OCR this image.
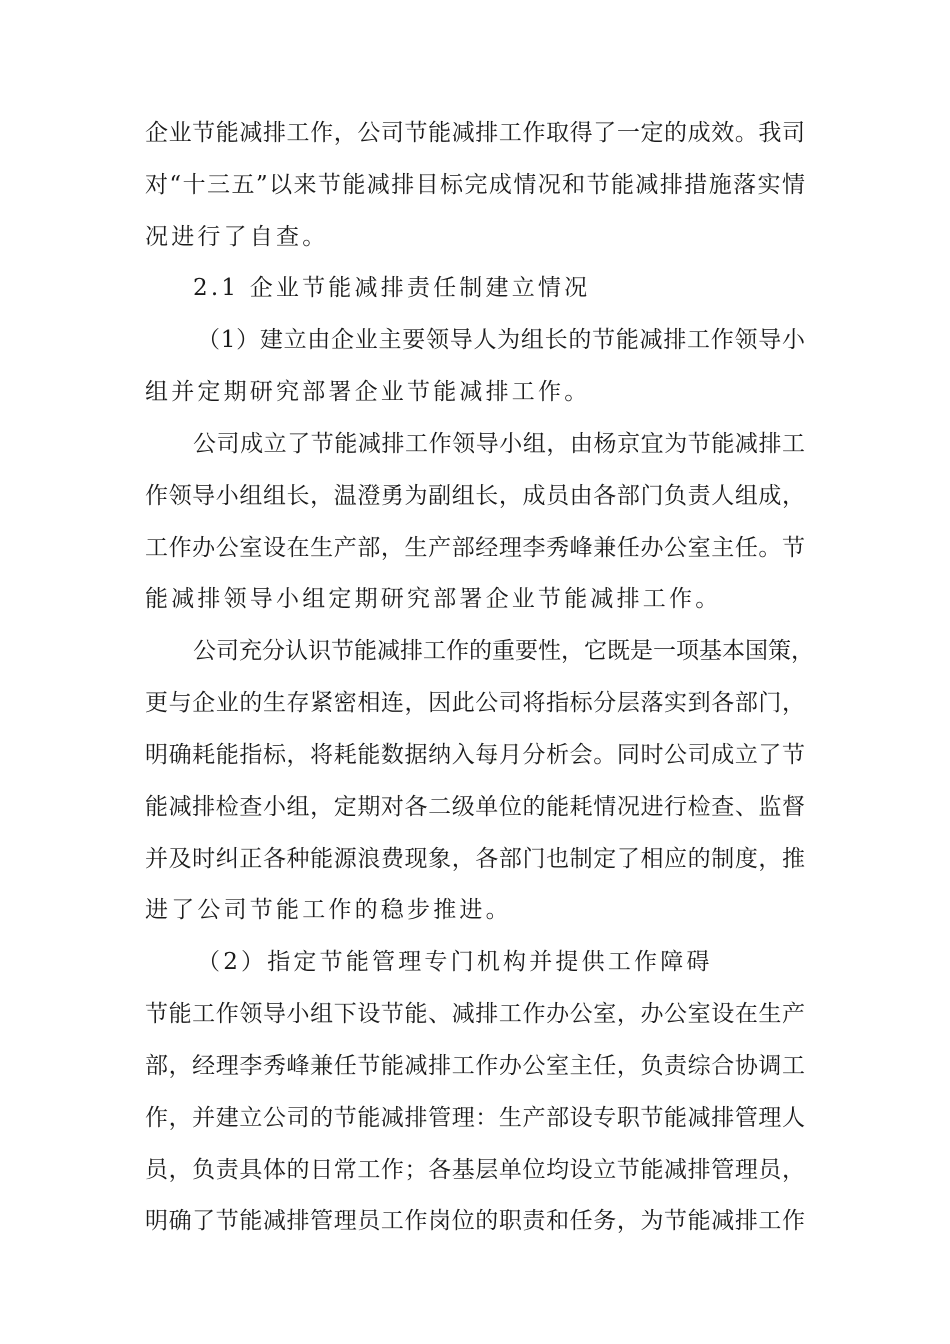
企业节能减排工作，公司节能减排工作取得了一定的成效。我司
对“十三五”以来节能减排目标完成情况和节能减排措施落实情
况进行了自查。
2.1 企业节能减排责任制建立情况
（1）建立由企业主要领导人为组长的节能减排工作领导小
组并定期研究部署企业节能减排工作。
公司成立了节能减排工作领导小组，由杨京宜为节能减排工
作领导小组组长，温澄勇为副组长，成员由各部门负责人组成，
工作办公室设在生产部，生产部经理李秀峰兼任办公室主任。节
能减排领导小组定期研究部署企业节能减排工作。
公司充分认识节能减排工作的重要性，它既是一项基本国策，
更与企业的生存紧密相连，因此公司将指标分层落实到各部门，
明确耗能指标，将耗能数据纳入每月分析会。同时公司成立了节
能减排检查小组，定期对各二级单位的能耗情况进行检查、监督
并及时纠正各种能源浪费现象，各部门也制定了相应的制度，推
进了公司节能工作的稳步推进。
（2）指定节能管理专门机构并提供工作障碍
节能工作领导小组下设节能、减排工作办公室，办公室设在生产
部，经理李秀峰兼任节能减排工作办公室主任，负责综合协调工
作，并建立公司的节能减排管理：生产部设专职节能减排管理人
员，负责具体的日常工作；各基层单位均设立节能减排管理员，
明确了节能减排管理员工作岗位的职责和任务，为节能减排工作
